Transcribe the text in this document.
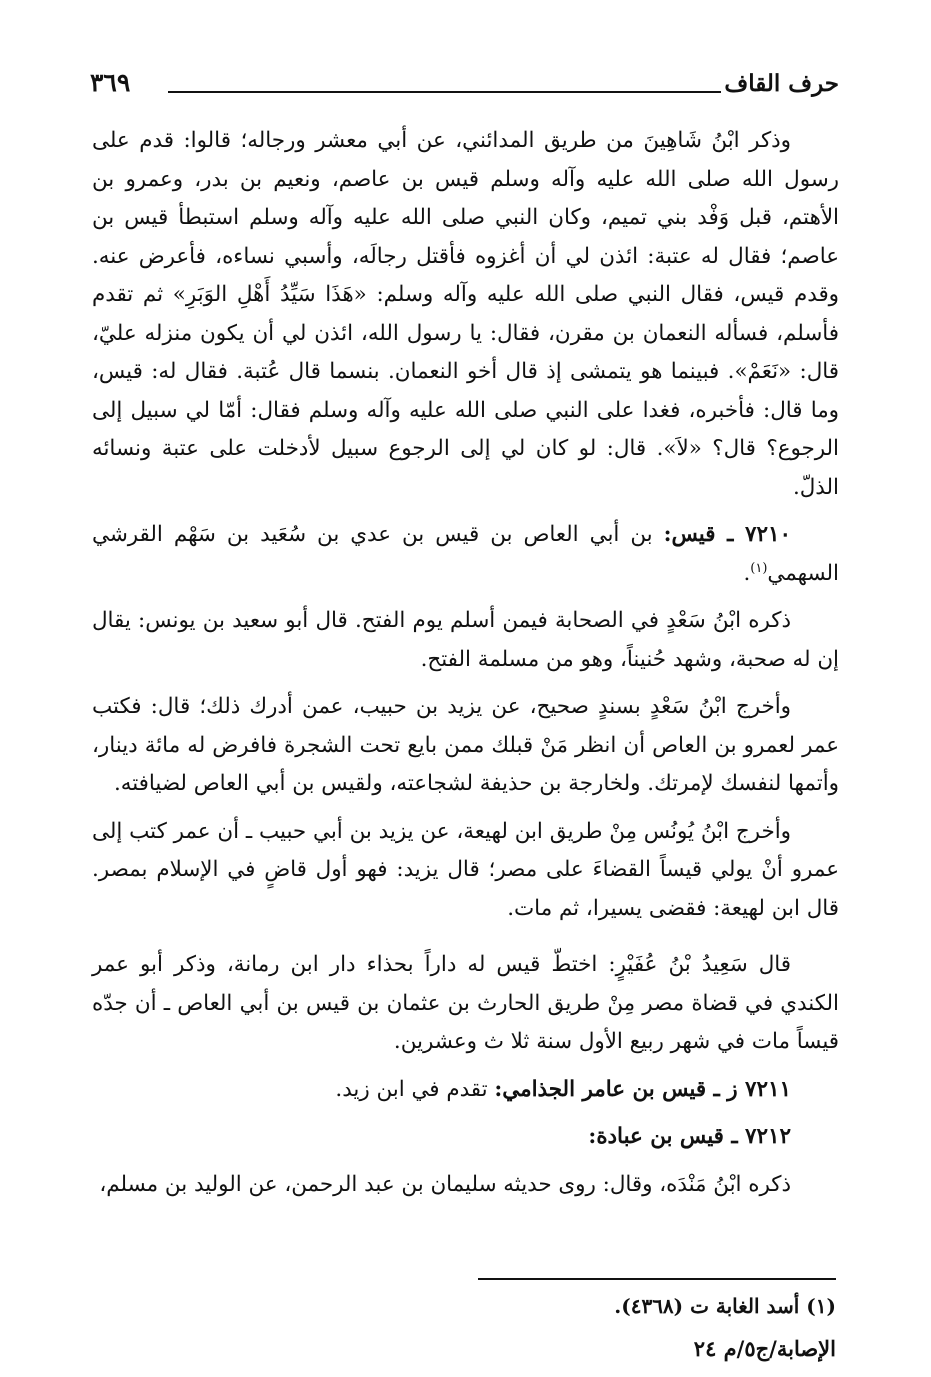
حرف القاف
٣٦٩

وذكر ابْنُ شَاهِينَ من طريق المدائني، عن أبي معشر ورجاله؛ قالوا: قدم على رسول الله صلى الله عليه وآله وسلم قيس بن عاصم، ونعيم بن بدر، وعمرو بن الأهتم، قبل وَفْد بني تميم، وكان النبي صلى الله عليه وآله وسلم استبطأ قيس بن عاصم؛ فقال له عتبة: ائذن لي أن أغزوه فأقتل رجالَه، وأسبي نساءه، فأعرض عنه. وقدم قيس، فقال النبي صلى الله عليه وآله وسلم: «هَذَا سَيِّدُ أَهْلِ الوَبَرِ» ثم تقدم فأسلم، فسأله النعمان بن مقرن، فقال: يا رسول الله، ائذن لي أن يكون منزله عليّ، قال: «نَعَمْ». فبينما هو يتمشى إذ قال أخو النعمان. بنسما قال عُتبة. فقال له: قيس، وما قال: فأخبره، فغدا على النبي صلى الله عليه وآله وسلم فقال: أمّا لي سبيل إلى الرجوع؟ قال؟ «لاَ». قال: لو كان لي إلى الرجوع سبيل لأدخلت على عتبة ونسائه الذلّ.

٧٢١٠ ـ قيس: بن أبي العاص بن قيس بن عدي بن سُعَيد بن سَهْم القرشي السهمي$^{(١)}$.

ذكره ابْنُ سَعْدٍ في الصحابة فيمن أسلم يوم الفتح. قال أبو سعيد بن يونس: يقال إن له صحبة، وشهد حُنيناً، وهو من مسلمة الفتح.

وأخرج ابْنُ سَعْدٍ بسندٍ صحيح، عن يزيد بن حبيب، عمن أدرك ذلك؛ قال: فكتب عمر لعمرو بن العاص أن انظر مَنْ قبلك ممن بايع تحت الشجرة فافرض له مائة دينار، وأتمها لنفسك لإمرتك. ولخارجة بن حذيفة لشجاعته، ولقيس بن أبي العاص لضيافته.

وأخرج ابْنُ يُونُس مِنْ طريق ابن لهيعة، عن يزيد بن أبي حبيب ـ أن عمر كتب إلى عمرو أنْ يولي قيساً القضاءَ على مصر؛ قال يزيد: فهو أول قاضٍ في الإسلام بمصر. قال ابن لهيعة: فقضى يسيرا، ثم مات.

قال سَعِيدُ بْنُ عُفَيْرٍ: اختطّ قيس له داراً بحذاء دار ابن رمانة، وذكر أبو عمر الكندي في قضاة مصر مِنْ طريق الحارث بن عثمان بن قيس بن أبي العاص ـ أن جدّه قيساً مات في شهر ربيع الأول سنة ثلا ث وعشرين.

٧٢١١ ز ـ قيس بن عامر الجذامي: تقدم في ابن زيد.

٧٢١٢ ـ قيس بن عبادة:

ذكره ابْنُ مَنْدَه، وقال: روى حديثه سليمان بن عبد الرحمن، عن الوليد بن مسلم،

(١) أسد الغابة ت (٤٣٦٨).
الإصابة/ج٥/م ٢٤
